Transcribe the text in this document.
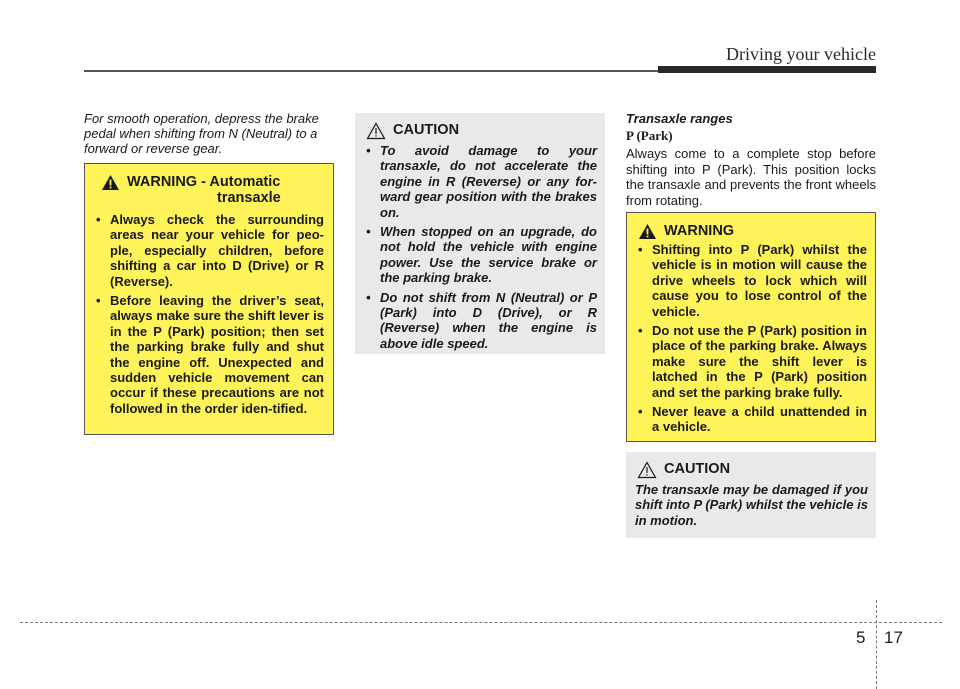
Driving your vehicle
For smooth operation, depress the brake pedal when shifting from N (Neutral) to a forward or reverse gear.
WARNING - Automatic
transaxle
• Always check the surrounding areas near your vehicle for peo-ple, especially children, before shifting a car into D (Drive) or R (Reverse).
• Before leaving the driver’s seat, always make sure the shift lever is in the P (Park) position; then set the parking brake fully and shut the engine off. Unexpected and sudden vehicle movement can occur if these precautions are not followed in the order iden-tified.
CAUTION
• To avoid damage to your transaxle, do not accelerate the engine in R (Reverse) or any for-ward gear position with the brakes on.
• When stopped on an upgrade, do not hold the vehicle with engine power. Use the service brake or the parking brake.
• Do not shift from N (Neutral) or P (Park) into D (Drive), or R (Reverse) when the engine is above idle speed.
Transaxle ranges
P (Park)
Always come to a complete stop before shifting into P (Park). This position locks the transaxle and prevents the front wheels from rotating.
WARNING
• Shifting into P (Park) whilst the vehicle is in motion will cause the drive wheels to lock which will cause you to lose control of the vehicle.
• Do not use the P (Park) position in place of the parking brake. Always make sure the shift lever is latched in the P (Park) position and set the parking brake fully.
• Never leave a child unattended in a vehicle.
CAUTION

The transaxle may be damaged if you shift into P (Park) whilst the vehicle is in motion.

5 17
